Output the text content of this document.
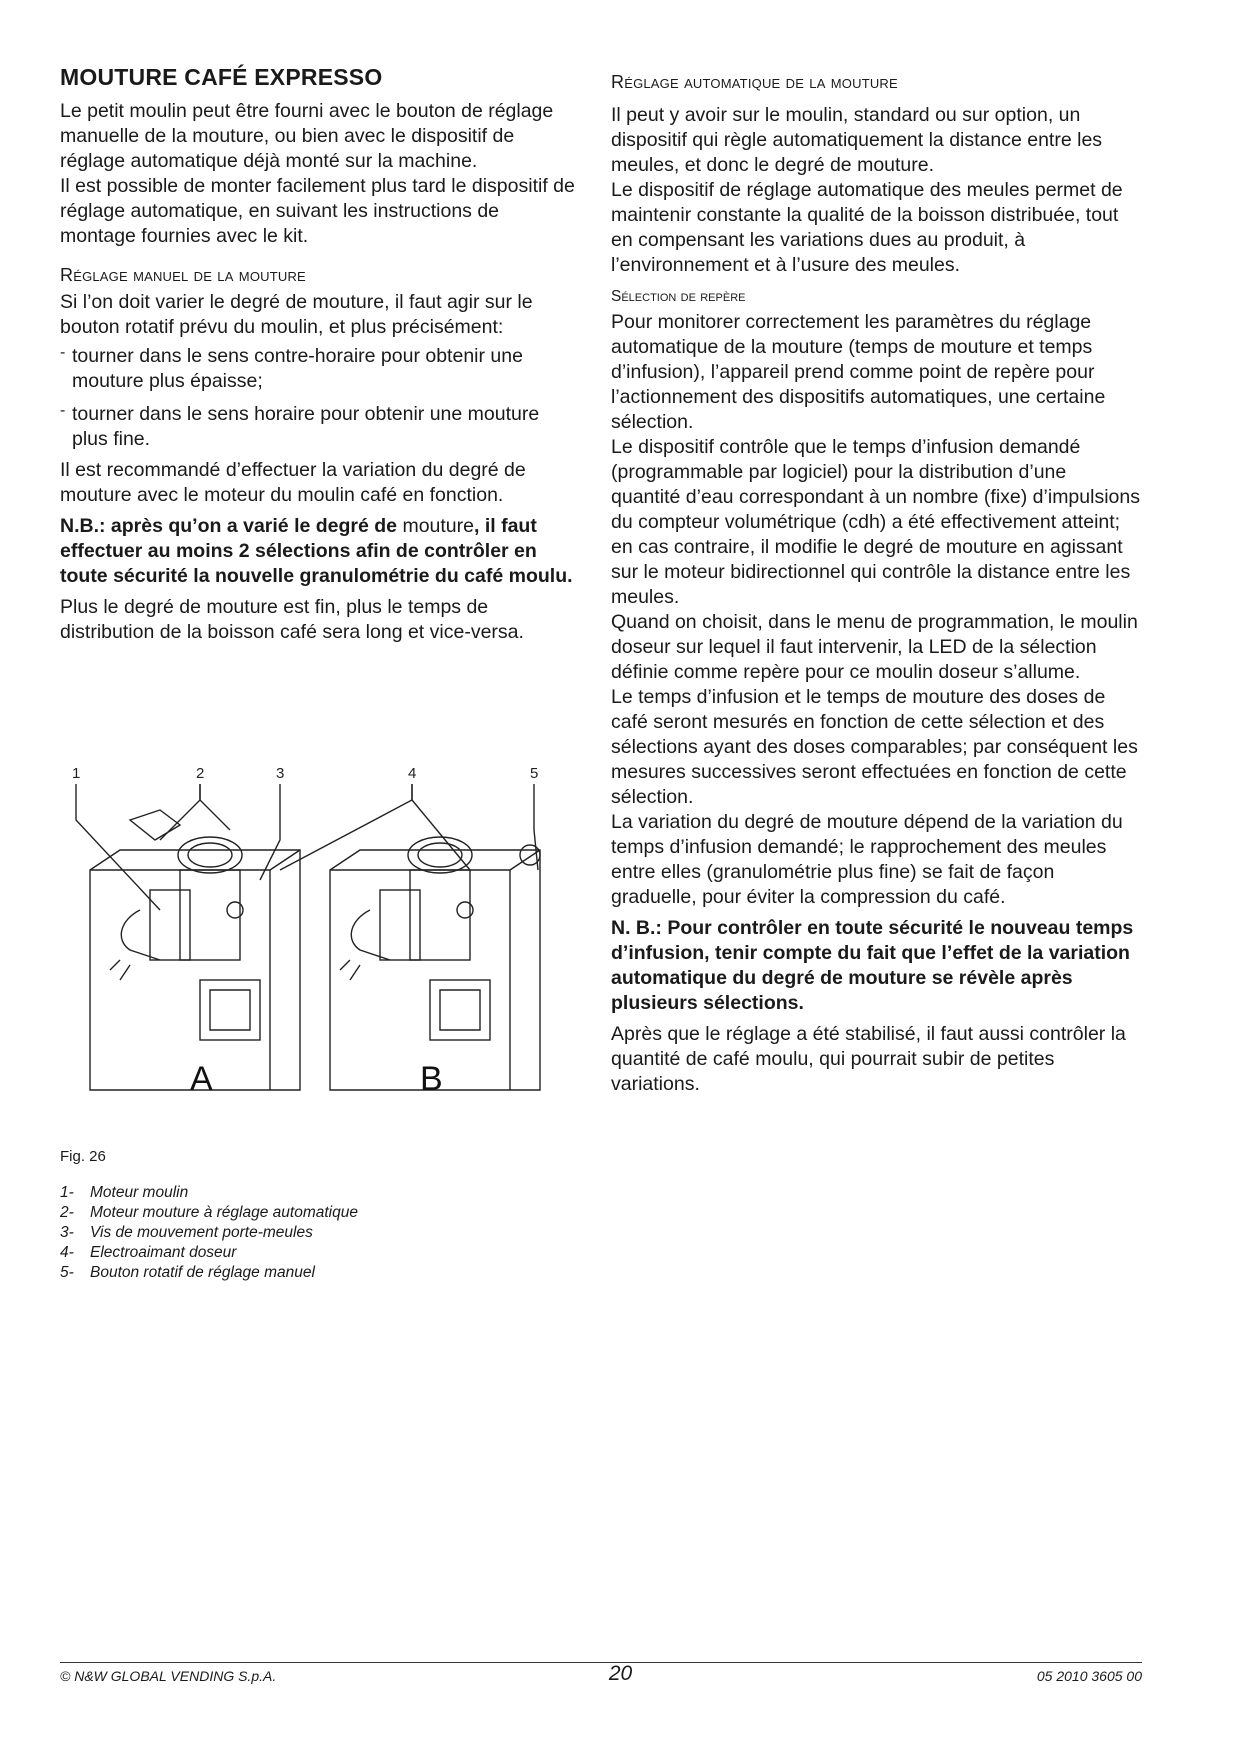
MOUTURE CAFÉ EXPRESSO

Le petit moulin peut être fourni avec le bouton de réglage manuelle de la mouture, ou bien avec le dispositif de réglage automatique déjà monté sur la machine.

Il est possible de monter facilement plus tard le dispositif de réglage automatique, en suivant les instructions de montage fournies avec le kit.

Réglage manuel de la mouture

Si l’on doit varier le degré de mouture, il faut agir sur le bouton rotatif prévu du moulin, et plus précisément:

- tourner dans le sens contre-horaire pour obtenir une mouture plus épaisse;

- tourner dans le sens horaire pour obtenir une mouture plus fine.

Il est recommandé d’effectuer la variation du degré de mouture avec le moteur du moulin café en fonction.

N.B.: après qu’on a varié le degré de mouture, il faut effectuer au moins 2 sélections afin de contrôler en toute sécurité la nouvelle granulométrie du café moulu.

Plus le degré de mouture est fin, plus le temps de distribution de la boisson café sera long et vice-versa.

1	2	3	4	5
A	B
Fig. 26
1-	Moteur moulin
2-	Moteur mouture à réglage automatique
3-	Vis de mouvement porte-meules
4-	Electroaimant doseur
5-	Bouton rotatif de réglage manuel
Réglage automatique de la mouture

Il peut y avoir sur le moulin, standard ou sur option, un dispositif qui règle automatiquement la distance entre les meules, et donc le degré de mouture.

Le dispositif de réglage automatique des meules permet de maintenir constante la qualité de la boisson distribuée, tout en compensant les variations dues au produit, à l’environnement et à l’usure des meules.

Sélection de repère

Pour monitorer correctement les paramètres du réglage automatique de la mouture (temps de mouture et temps d’infusion), l’appareil prend comme point de repère pour l’actionnement des dispositifs automatiques, une certaine sélection.

Le dispositif contrôle que le temps d’infusion demandé (programmable par logiciel) pour la distribution d’une quantité d’eau correspondant à un nombre (fixe) d’impulsions du compteur volumétrique (cdh) a été effectivement atteint; en cas contraire, il modifie le degré de mouture en agissant sur le moteur bidirectionnel qui contrôle la distance entre les meules.

Quand on choisit, dans le menu de programmation, le moulin doseur sur lequel il faut intervenir, la LED de la sélection définie comme repère pour ce moulin doseur s’allume.

Le temps d’infusion et le temps de mouture des doses de café seront mesurés en fonction de cette sélection et des sélections ayant des doses comparables; par conséquent les mesures successives seront effectuées en fonction de cette sélection.

La variation du degré de mouture dépend de la variation du temps d’infusion demandé; le rapprochement des meules entre elles (granulométrie plus fine) se fait de façon graduelle, pour éviter la compression du café.

N. B.: Pour contrôler en toute sécurité le nouveau temps d’infusion, tenir compte du fait que l’effet de la variation automatique du degré de mouture se révèle après plusieurs sélections.

Après que le réglage a été stabilisé, il faut aussi contrôler la quantité de café moulu, qui pourrait subir de petites variations.

© N&W GLOBAL VENDING S.p.A.	20	05 2010 3605 00
